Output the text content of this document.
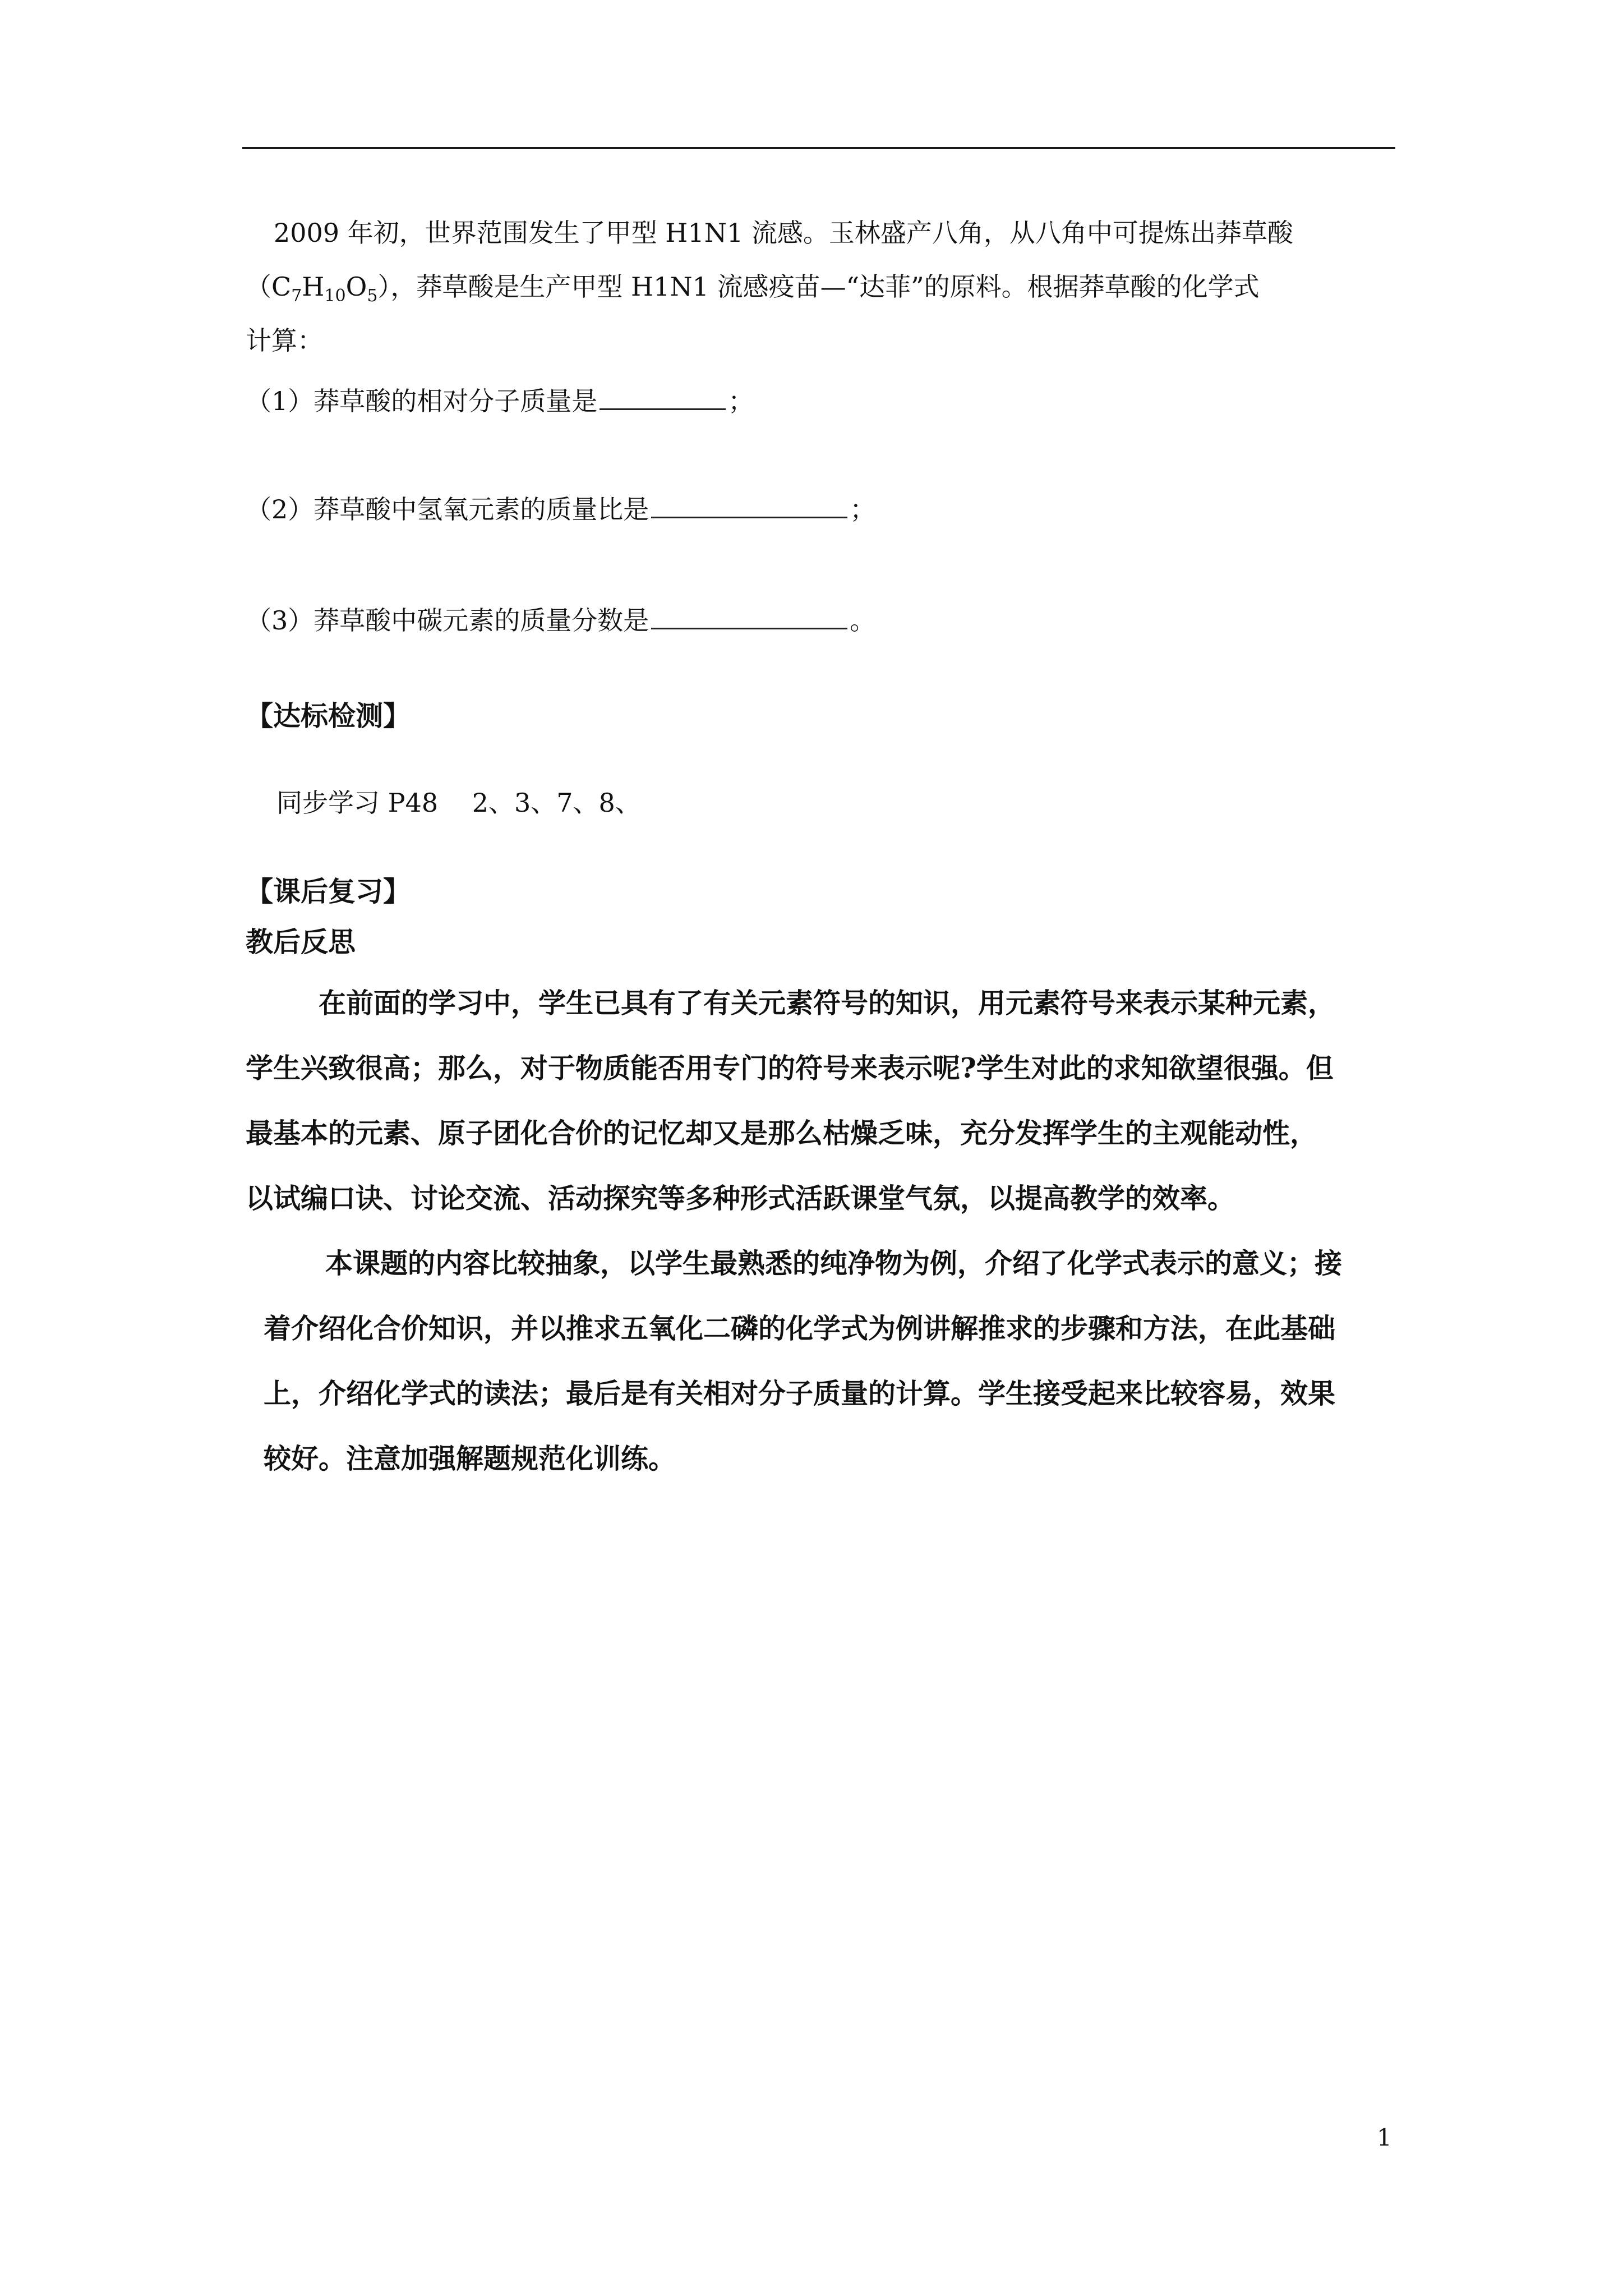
2009 年初，世界范围发生了甲型 H1N1 流感。玉林盛产八角，从八角中可提炼出莽草酸
$(C_7H_{10}O_5)$，莽草酸是生产甲型 H1N1 流感疫苗—“达菲”的原料。根据莽草酸的化学式
计算：
（1）莽草酸的相对分子质量是	；
（2）莽草酸中氢氧元素的质量比是	；
（3）莽草酸中碳元素的质量分数是	。
【达标检测】
同步学习 P48　 2、3、7、8、
【课后复习】
教后反思
在前面的学习中，学生已具有了有关元素符号的知识，用元素符号来表示某种元素，
学生兴致很高；那么，对于物质能否用专门的符号来表示呢?学生对此的求知欲望很强。但
最基本的元素、原子团化合价的记忆却又是那么枯燥乏味，充分发挥学生的主观能动性，
以试编口诀、讨论交流、活动探究等多种形式活跃课堂气氛，以提高教学的效率。
本课题的内容比较抽象，以学生最熟悉的纯净物为例，介绍了化学式表示的意义；接
着介绍化合价知识，并以推求五氧化二磷的化学式为例讲解推求的步骤和方法，在此基础
上，介绍化学式的读法；最后是有关相对分子质量的计算。学生接受起来比较容易，效果
较好。注意加强解题规范化训练。
1
